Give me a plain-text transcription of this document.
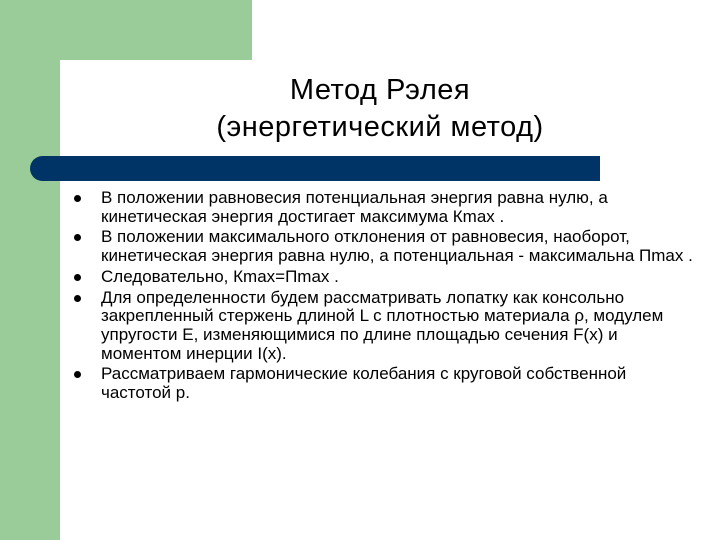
Метод Рэлея
(энергетический метод)
В положении равновесия потенциальная энергия равна нулю, а кинетическая энергия достигает максимума Кmax .
В положении максимального отклонения от равновесия, наоборот, кинетическая энергия равна нулю, а потенциальная - максимальна Пmax .
Следовательно, Кmax=Пmax .
Для определенности будем рассматривать лопатку как консольно закрепленный стержень длиной L с плотностью материала ρ, модулем упругости E, изменяющимися по длине площадью сечения F(x) и моментом инерции I(x).
Рассматриваем гармонические колебания с круговой собственной частотой p.
